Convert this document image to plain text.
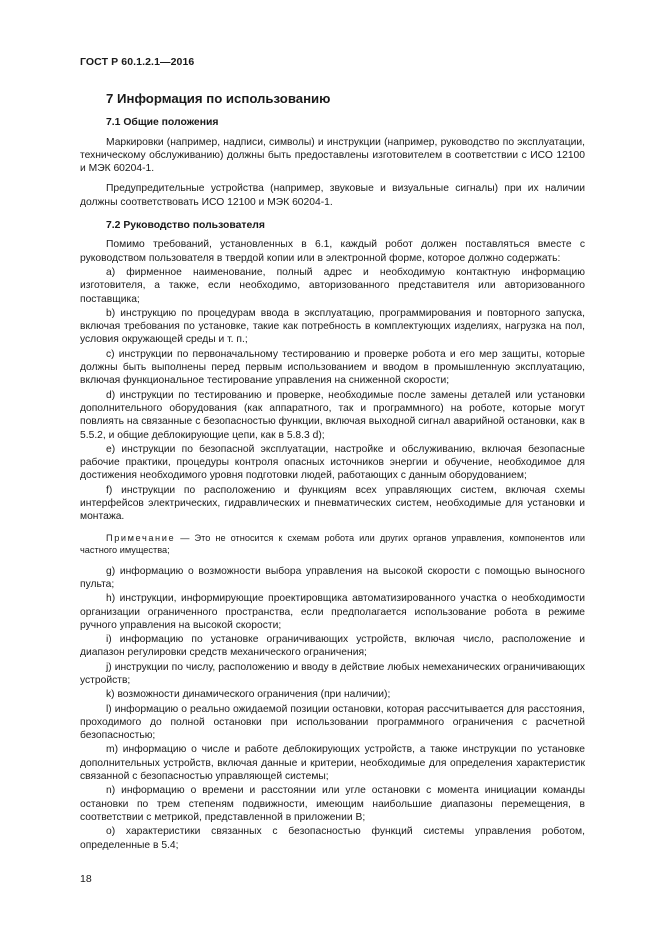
ГОСТ Р 60.1.2.1—2016
7 Информация по использованию
7.1 Общие положения
Маркировки (например, надписи, символы) и инструкции (например, руководство по эксплуатации, техническому обслуживанию) должны быть предоставлены изготовителем в соответствии с ИСО 12100 и МЭК 60204-1.
Предупредительные устройства (например, звуковые и визуальные сигналы) при их наличии должны соответствовать ИСО 12100 и МЭК 60204-1.
7.2 Руководство пользователя
Помимо требований, установленных в 6.1, каждый робот должен поставляться вместе с руководством пользователя в твердой копии или в электронной форме, которое должно содержать:
a) фирменное наименование, полный адрес и необходимую контактную информацию изготовителя, а также, если необходимо, авторизованного представителя или авторизованного поставщика;
b) инструкцию по процедурам ввода в эксплуатацию, программирования и повторного запуска, включая требования по установке, такие как потребность в комплектующих изделиях, нагрузка на пол, условия окружающей среды и т. п.;
c) инструкции по первоначальному тестированию и проверке робота и его мер защиты, которые должны быть выполнены перед первым использованием и вводом в промышленную эксплуатацию, включая функциональное тестирование управления на сниженной скорости;
d) инструкции по тестированию и проверке, необходимые после замены деталей или установки дополнительного оборудования (как аппаратного, так и программного) на роботе, которые могут повлиять на связанные с безопасностью функции, включая выходной сигнал аварийной остановки, как в 5.5.2, и общие деблокирующие цепи, как в 5.8.3 d);
e) инструкции по безопасной эксплуатации, настройке и обслуживанию, включая безопасные рабочие практики, процедуры контроля опасных источников энергии и обучение, необходимое для достижения необходимого уровня подготовки людей, работающих с данным оборудованием;
f) инструкции по расположению и функциям всех управляющих систем, включая схемы интерфейсов электрических, гидравлических и пневматических систем, необходимые для установки и монтажа.
Примечание — Это не относится к схемам робота или других органов управления, компонентов или частного имущества;
g) информацию о возможности выбора управления на высокой скорости с помощью выносного пульта;
h) инструкции, информирующие проектировщика автоматизированного участка о необходимости организации ограниченного пространства, если предполагается использование робота в режиме ручного управления на высокой скорости;
i) информацию по установке ограничивающих устройств, включая число, расположение и диапазон регулировки средств механического ограничения;
j) инструкции по числу, расположению и вводу в действие любых немеханических ограничивающих устройств;
k) возможности динамического ограничения (при наличии);
l) информацию о реально ожидаемой позиции остановки, которая рассчитывается для расстояния, проходимого до полной остановки при использовании программного ограничения с расчетной безопасностью;
m) информацию о числе и работе деблокирующих устройств, а также инструкции по установке дополнительных устройств, включая данные и критерии, необходимые для определения характеристик связанной с безопасностью управляющей системы;
n) информацию о времени и расстоянии или угле остановки с момента инициации команды остановки по трем степеням подвижности, имеющим наибольшие диапазоны перемещения, в соответствии с метрикой, представленной в приложении В;
o) характеристики связанных с безопасностью функций системы управления роботом, определенные в 5.4;
18
